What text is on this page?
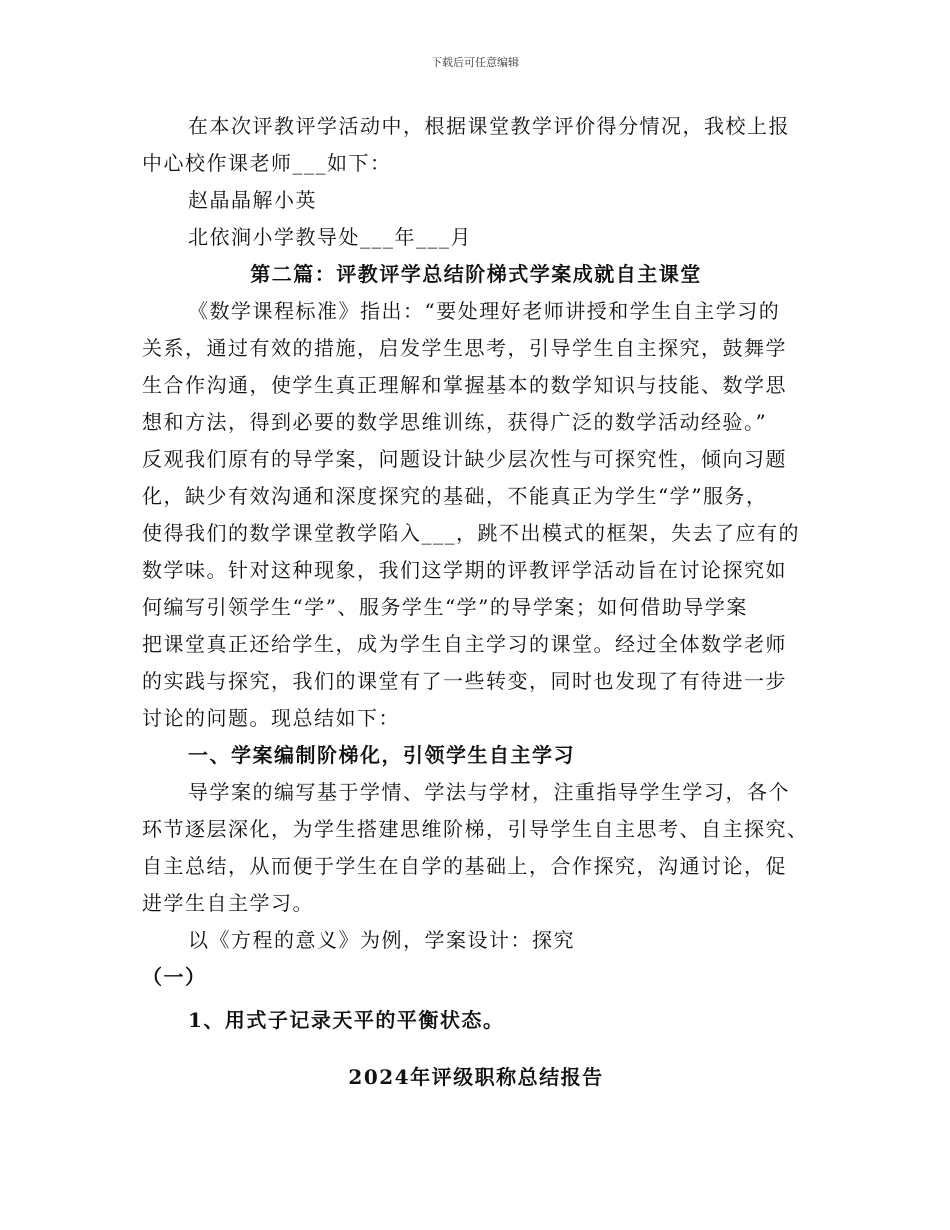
下载后可任意编辑
在本次评教评学活动中，根据课堂教学评价得分情况，我校上报
中心校作课老师___如下：
赵晶晶解小英
北依涧小学教导处___年___月
第二篇：评教评学总结阶梯式学案成就自主课堂
《数学课程标准》指出：“要处理好老师讲授和学生自主学习的
关系，通过有效的措施，启发学生思考，引导学生自主探究，鼓舞学
生合作沟通，使学生真正理解和掌握基本的数学知识与技能、数学思
想和方法，得到必要的数学思维训练，获得广泛的数学活动经验。”
反观我们原有的导学案，问题设计缺少层次性与可探究性，倾向习题
化，缺少有效沟通和深度探究的基础，不能真正为学生“学”服务，
使得我们的数学课堂教学陷入___，跳不出模式的框架，失去了应有的
数学味。针对这种现象，我们这学期的评教评学活动旨在讨论探究如
何编写引领学生“学”、服务学生“学”的导学案；如何借助导学案
把课堂真正还给学生，成为学生自主学习的课堂。经过全体数学老师
的实践与探究，我们的课堂有了一些转变，同时也发现了有待进一步
讨论的问题。现总结如下：
一、学案编制阶梯化，引领学生自主学习
导学案的编写基于学情、学法与学材，注重指导学生学习，各个
环节逐层深化，为学生搭建思维阶梯，引导学生自主思考、自主探究、
自主总结，从而便于学生在自学的基础上，合作探究，沟通讨论，促
进学生自主学习。
以《方程的意义》为例，学案设计：探究
（一）
1、用式子记录天平的平衡状态。
2024年评级职称总结报告
